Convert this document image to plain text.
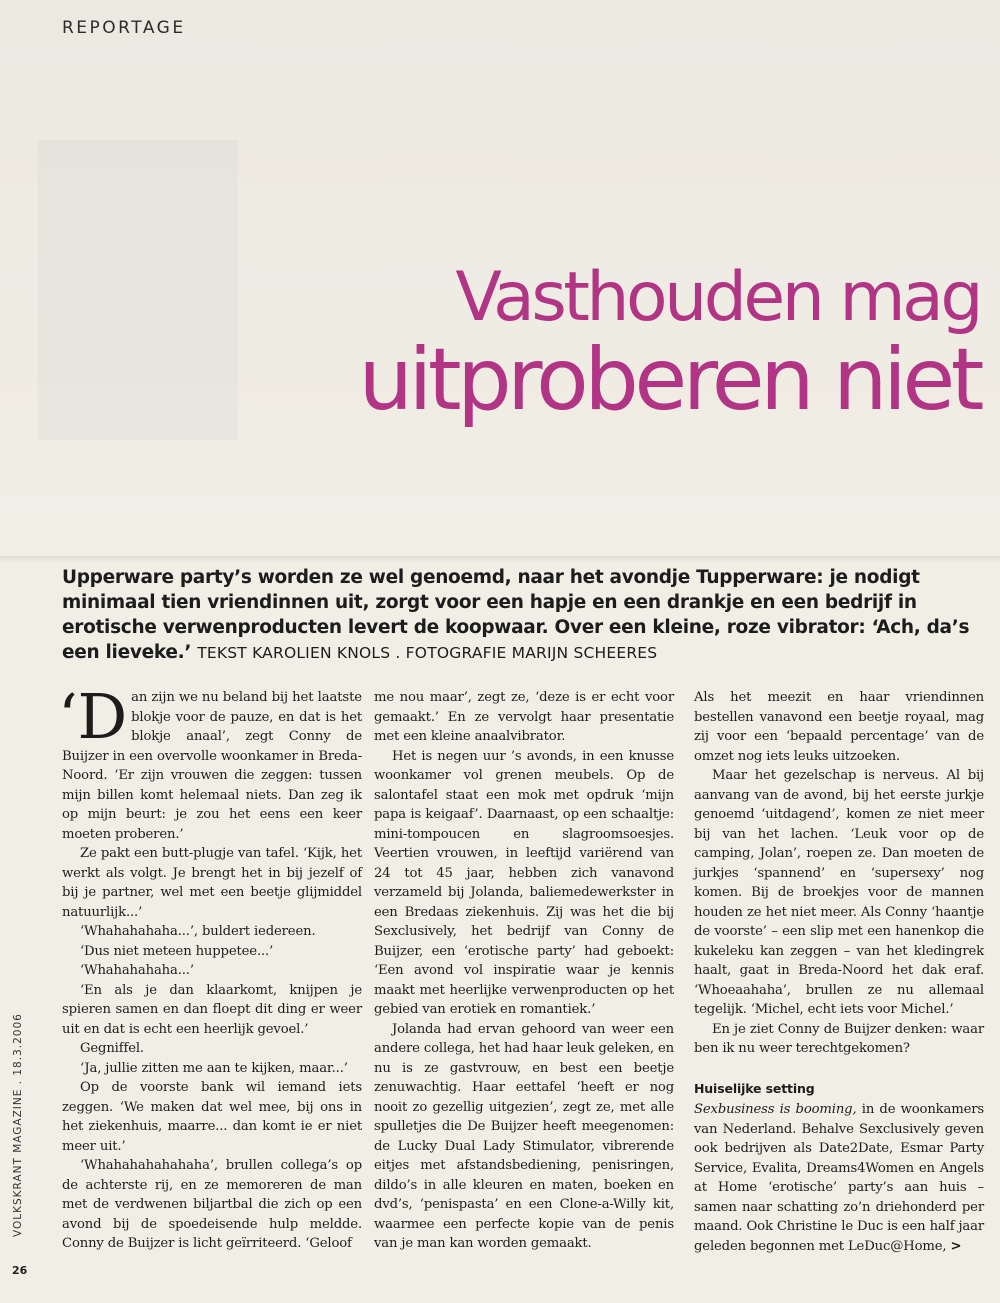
REPORTAGE
Vasthouden mag
uitproberen niet

Upperware party’s worden ze wel genoemd, naar het avondje Tupperware: je nodigt minimaal tien vriendinnen uit, zorgt voor een hapje en een drankje en een bedrijf in erotische verwenproducten levert de koopwaar. Over een kleine, roze vibrator: ‘Ach, da’s een lieveke.’ TEKST KAROLIEN KNOLS . FOTOGRAFIE MARIJN SCHEERES

‘Dan zijn we nu beland bij het laatste blokje voor de pauze, en dat is het blokje anaal’, zegt Conny de Buijzer in een overvolle woonkamer in Breda-Noord. ‘Er zijn vrouwen die zeggen: tussen mijn billen komt helemaal niets. Dan zeg ik op mijn beurt: je zou het eens een keer moeten proberen.’

Ze pakt een butt-plugje van tafel. ‘Kijk, het werkt als volgt. Je brengt het in bij jezelf of bij je partner, wel met een beetje glijmiddel natuurlijk...’

‘Whahahahaha...’, buldert iedereen.

‘Dus niet meteen huppetee...’

‘Whahahahaha...’

‘En als je dan klaarkomt, knijpen je spieren samen en dan floept dit ding er weer uit en dat is echt een heerlijk gevoel.’

Gegniffel.

‘Ja, jullie zitten me aan te kijken, maar...’

Op de voorste bank wil iemand iets zeggen. ‘We maken dat wel mee, bij ons in het ziekenhuis, maarre... dan komt ie er niet meer uit.’

‘Whahahahahahaha’, brullen collega’s op de achterste rij, en ze memoreren de man met de verdwenen biljartbal die zich op een avond bij de spoedeisende hulp meldde. Conny de Buijzer is licht geïrriteerd. ‘Geloof

me nou maar’, zegt ze, ‘deze is er echt voor gemaakt.’ En ze vervolgt haar presentatie met een kleine anaalvibrator.

Het is negen uur ’s avonds, in een knusse woonkamer vol grenen meubels. Op de salontafel staat een mok met opdruk ‘mijn papa is keigaaf’. Daarnaast, op een schaaltje: mini-tompoucen en slagroomsoesjes. Veertien vrouwen, in leeftijd variërend van 24 tot 45 jaar, hebben zich vanavond verzameld bij Jolanda, baliemedewerkster in een Bredaas ziekenhuis. Zij was het die bij Sexclusively, het bedrijf van Conny de Buijzer, een ‘erotische party’ had geboekt: ‘Een avond vol inspiratie waar je kennis maakt met heerlijke verwenproducten op het gebied van erotiek en romantiek.’

Jolanda had ervan gehoord van weer een andere collega, het had haar leuk geleken, en nu is ze gastvrouw, en best een beetje zenuwachtig. Haar eettafel ‘heeft er nog nooit zo gezellig uitgezien’, zegt ze, met alle spulletjes die De Buijzer heeft meegenomen: de Lucky Dual Lady Stimulator, vibrerende eitjes met afstandsbediening, penisringen, dildo’s in alle kleuren en maten, boeken en dvd’s, ‘penispasta’ en een Clone-a-Willy kit, waarmee een perfecte kopie van de penis van je man kan worden gemaakt.

Als het meezit en haar vriendinnen bestellen vanavond een beetje royaal, mag zij voor een ‘bepaald percentage’ van de omzet nog iets leuks uitzoeken.

Maar het gezelschap is nerveus. Al bij aanvang van de avond, bij het eerste jurkje genoemd ‘uitdagend’, komen ze niet meer bij van het lachen. ‘Leuk voor op de camping, Jolan’, roepen ze. Dan moeten de jurkjes ‘spannend’ en ‘supersexy’ nog komen. Bij de broekjes voor de mannen houden ze het niet meer. Als Conny ‘haantje de voorste’ – een slip met een hanenkop die kukeleku kan zeggen – van het kledingrek haalt, gaat in Breda-Noord het dak eraf. ‘Whoeaahaha’, brullen ze nu allemaal tegelijk. ‘Michel, echt iets voor Michel.’

En je ziet Conny de Buijzer denken: waar ben ik nu weer terechtgekomen?

Huiselijke setting

Sexbusiness is booming, in de woonkamers van Nederland. Behalve Sexclusively geven ook bedrijven als Date2Date, Esmar Party Service, Evalita, Dreams4Women en Angels at Home ‘erotische’ party’s aan huis – samen naar schatting zo’n driehonderd per maand. Ook Christine le Duc is een half jaar geleden begonnen met LeDuc@Home, >

VOLKSKRANT MAGAZINE . 18.3.2006
26
